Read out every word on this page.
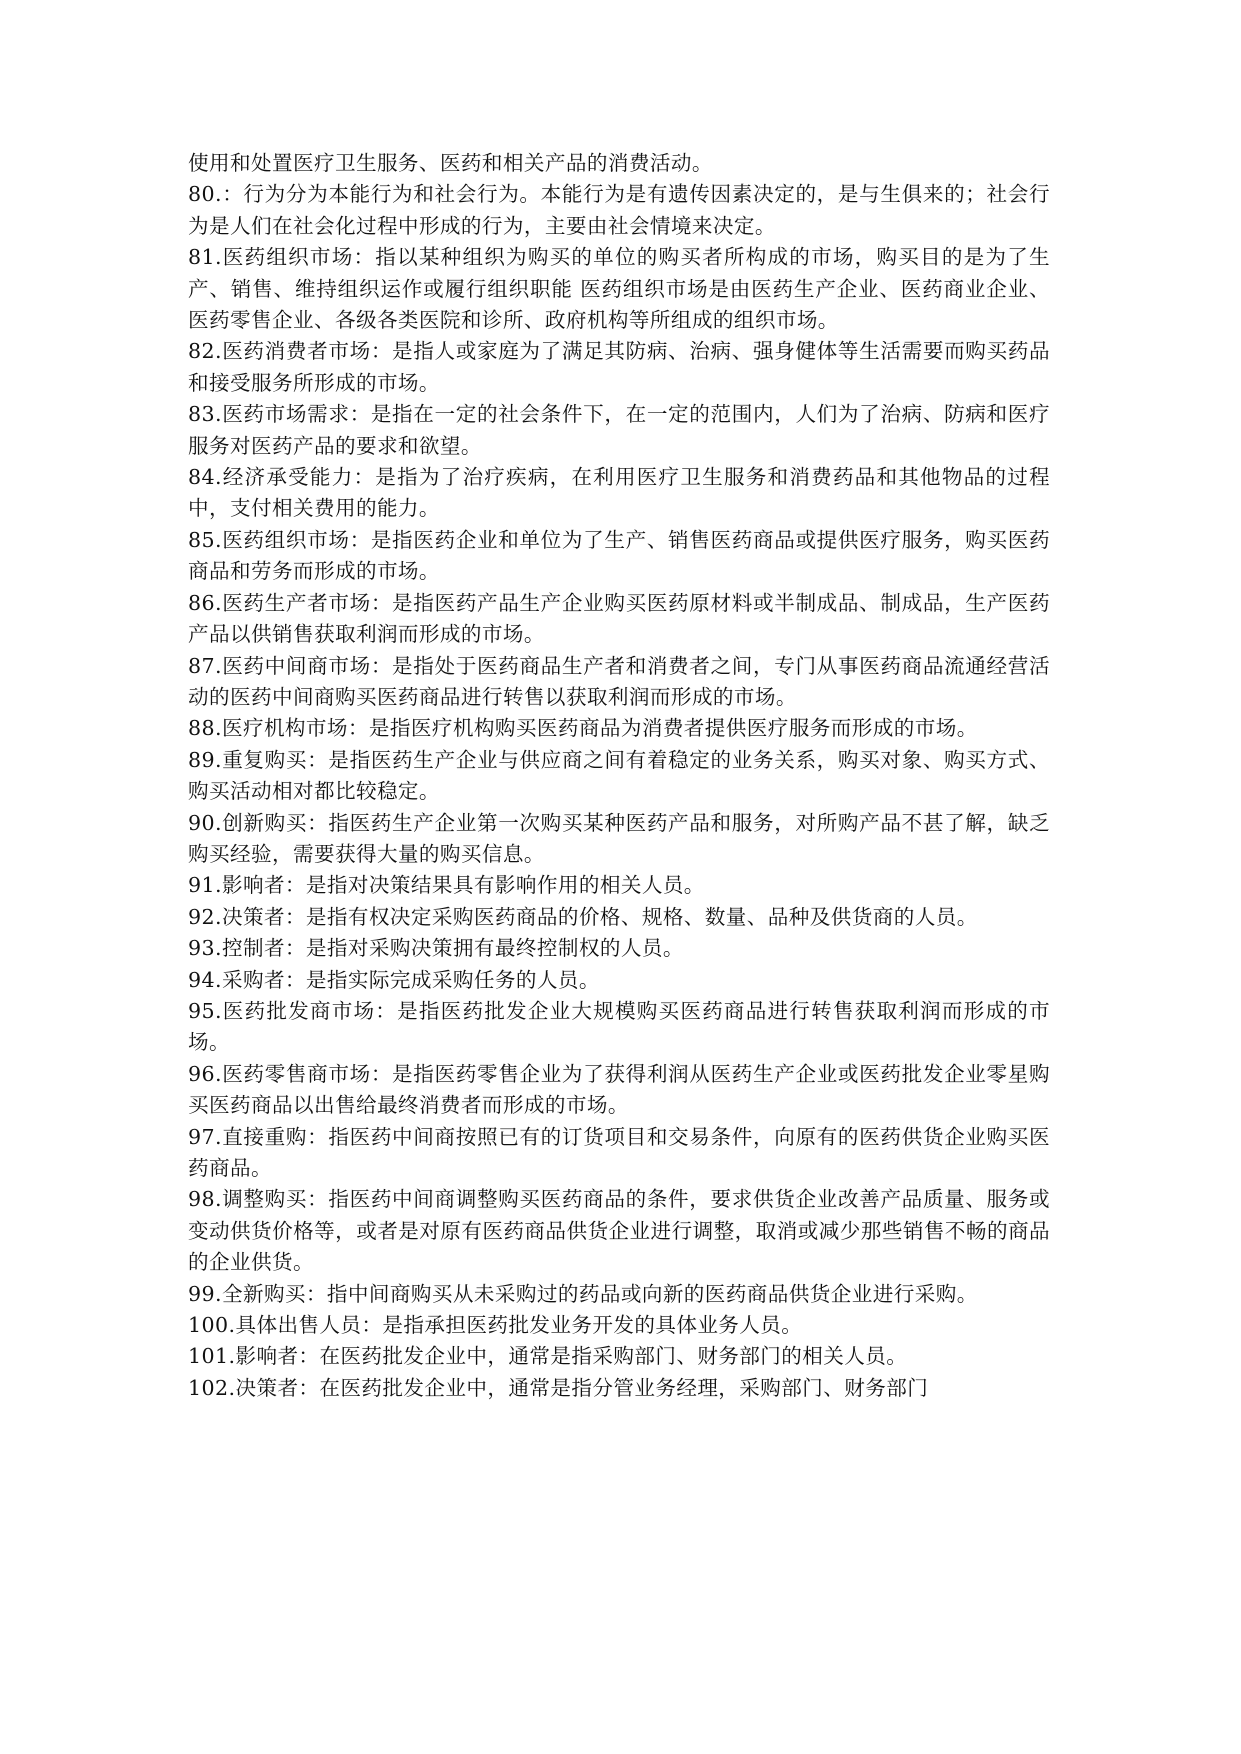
使用和处置医疗卫生服务、医药和相关产品的消费活动。

80.：行为分为本能行为和社会行为。本能行为是有遗传因素决定的，是与生俱来的；社会行为是人们在社会化过程中形成的行为，主要由社会情境来决定。

81.医药组织市场：指以某种组织为购买的单位的购买者所构成的市场，购买目的是为了生产、销售、维持组织运作或履行组织职能 医药组织市场是由医药生产企业、医药商业企业、医药零售企业、各级各类医院和诊所、政府机构等所组成的组织市场。

82.医药消费者市场：是指人或家庭为了满足其防病、治病、强身健体等生活需要而购买药品和接受服务所形成的市场。

83.医药市场需求：是指在一定的社会条件下，在一定的范围内，人们为了治病、防病和医疗服务对医药产品的要求和欲望。

84.经济承受能力：是指为了治疗疾病，在利用医疗卫生服务和消费药品和其他物品的过程中，支付相关费用的能力。

85.医药组织市场：是指医药企业和单位为了生产、销售医药商品或提供医疗服务，购买医药商品和劳务而形成的市场。

86.医药生产者市场：是指医药产品生产企业购买医药原材料或半制成品、制成品，生产医药产品以供销售获取利润而形成的市场。

87.医药中间商市场：是指处于医药商品生产者和消费者之间，专门从事医药商品流通经营活动的医药中间商购买医药商品进行转售以获取利润而形成的市场。

88.医疗机构市场：是指医疗机构购买医药商品为消费者提供医疗服务而形成的市场。

89.重复购买：是指医药生产企业与供应商之间有着稳定的业务关系，购买对象、购买方式、购买活动相对都比较稳定。

90.创新购买：指医药生产企业第一次购买某种医药产品和服务，对所购产品不甚了解，缺乏购买经验，需要获得大量的购买信息。

91.影响者：是指对决策结果具有影响作用的相关人员。

92.决策者：是指有权决定采购医药商品的价格、规格、数量、品种及供货商的人员。

93.控制者：是指对采购决策拥有最终控制权的人员。

94.采购者：是指实际完成采购任务的人员。

95.医药批发商市场：是指医药批发企业大规模购买医药商品进行转售获取利润而形成的市场。

96.医药零售商市场：是指医药零售企业为了获得利润从医药生产企业或医药批发企业零星购买医药商品以出售给最终消费者而形成的市场。

97.直接重购：指医药中间商按照已有的订货项目和交易条件，向原有的医药供货企业购买医药商品。

98.调整购买：指医药中间商调整购买医药商品的条件，要求供货企业改善产品质量、服务或变动供货价格等，或者是对原有医药商品供货企业进行调整，取消或减少那些销售不畅的商品的企业供货。

99.全新购买：指中间商购买从未采购过的药品或向新的医药商品供货企业进行采购。

100.具体出售人员：是指承担医药批发业务开发的具体业务人员。

101.影响者：在医药批发企业中，通常是指采购部门、财务部门的相关人员。

102.决策者：在医药批发企业中，通常是指分管业务经理，采购部门、财务部门
